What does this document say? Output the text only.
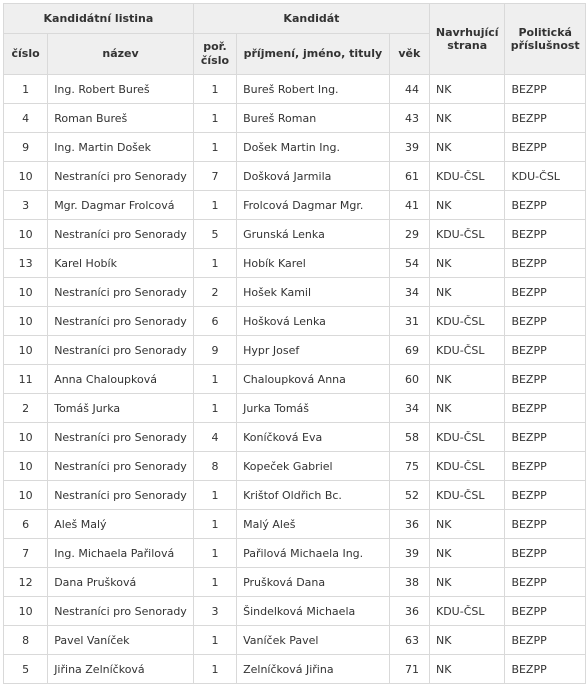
Kandidátní listina		Kandidát			Navrhující strana	Politická příslušnost
číslo	název	poř. číslo	příjmení, jméno, tituly	věk		
1	Ing. Robert Bureš	1	Bureš Robert Ing.	44	NK	BEZPP
4	Roman Bureš	1	Bureš Roman	43	NK	BEZPP
9	Ing. Martin Došek	1	Došek Martin Ing.	39	NK	BEZPP
10	Nestraníci pro Senorady	7	Došková Jarmila	61	KDU-ČSL	KDU-ČSL
3	Mgr. Dagmar Frolcová	1	Frolcová Dagmar Mgr.	41	NK	BEZPP
10	Nestraníci pro Senorady	5	Grunská Lenka	29	KDU-ČSL	BEZPP
13	Karel Hobík	1	Hobík Karel	54	NK	BEZPP
10	Nestraníci pro Senorady	2	Hošek Kamil	34	NK	BEZPP
10	Nestraníci pro Senorady	6	Hošková Lenka	31	KDU-ČSL	BEZPP
10	Nestraníci pro Senorady	9	Hypr Josef	69	KDU-ČSL	BEZPP
11	Anna Chaloupková	1	Chaloupková Anna	60	NK	BEZPP
2	Tomáš Jurka	1	Jurka Tomáš	34	NK	BEZPP
10	Nestraníci pro Senorady	4	Koníčková Eva	58	KDU-ČSL	BEZPP
10	Nestraníci pro Senorady	8	Kopeček Gabriel	75	KDU-ČSL	BEZPP
10	Nestraníci pro Senorady	1	Krištof Oldřich Bc.	52	KDU-ČSL	BEZPP
6	Aleš Malý	1	Malý Aleš	36	NK	BEZPP
7	Ing. Michaela Pařilová	1	Pařilová Michaela Ing.	39	NK	BEZPP
12	Dana Prušková	1	Prušková Dana	38	NK	BEZPP
10	Nestraníci pro Senorady	3	Šindelková Michaela	36	KDU-ČSL	BEZPP
8	Pavel Vaníček	1	Vaníček Pavel	63	NK	BEZPP
5	Jiřina Zelníčková	1	Zelníčková Jiřina	71	NK	BEZPP
